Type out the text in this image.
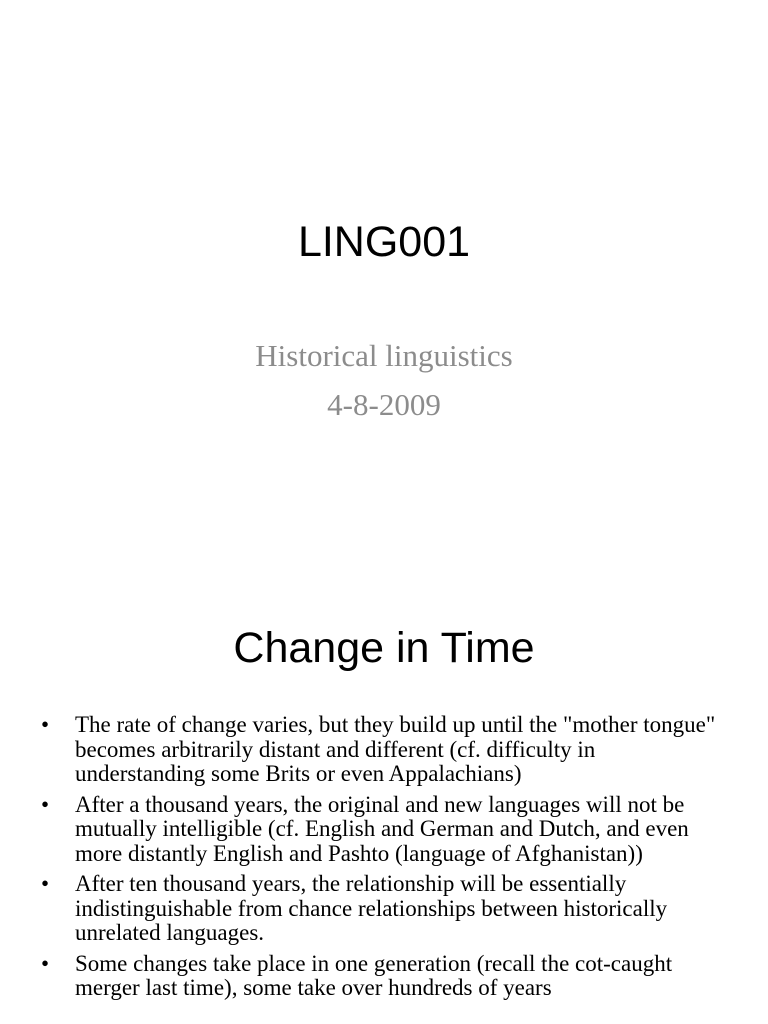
LING001
Historical linguistics
4-8-2009
Change in Time
• The rate of change varies, but they build up until the "mother tongue" becomes arbitrarily distant and different (cf. difficulty in understanding some Brits or even Appalachians)
• After a thousand years, the original and new languages will not be mutually intelligible (cf. English and German and Dutch, and even more distantly English and Pashto (language of Afghanistan))
• After ten thousand years, the relationship will be essentially indistinguishable from chance relationships between historically unrelated languages.
• Some changes take place in one generation (recall the cot-caught merger last time), some take over hundreds of years
